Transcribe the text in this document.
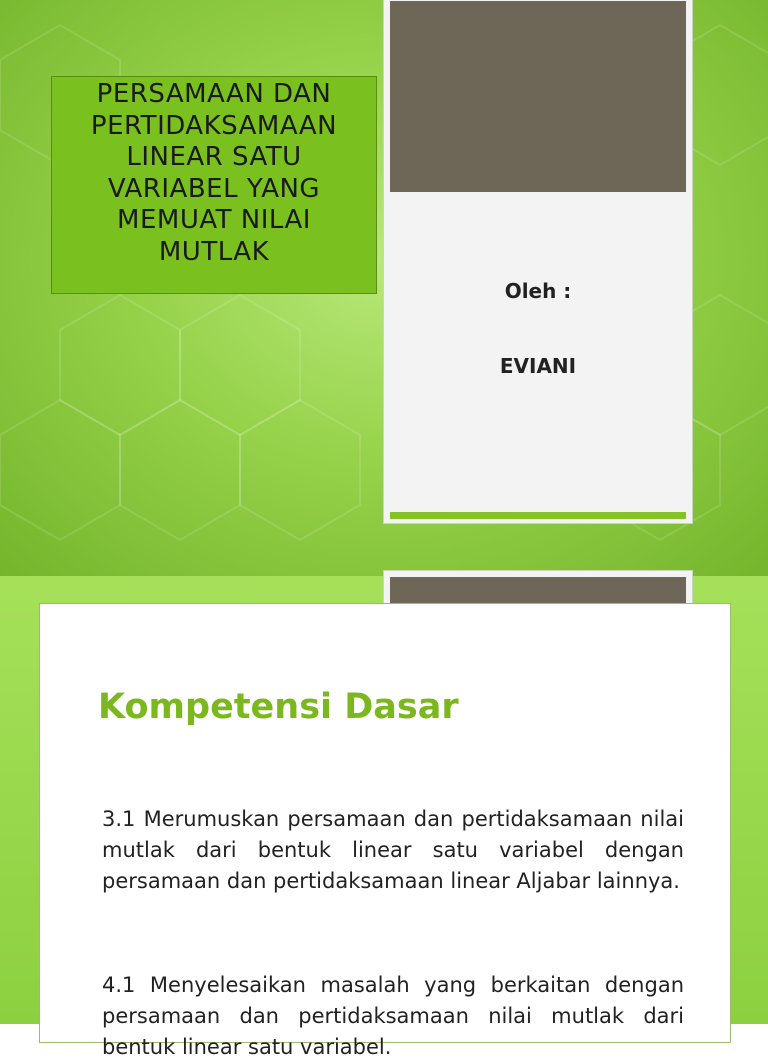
PERSAMAAN DAN
PERTIDAKSAMAAN
LINEAR SATU
VARIABEL YANG
MEMUAT NILAI
MUTLAK
Oleh :
EVIANI
Kompetensi Dasar
3.1 Merumuskan persamaan dan pertidaksamaan nilai mutlak dari bentuk linear satu variabel dengan persamaan dan pertidaksamaan linear Aljabar lainnya.
4.1 Menyelesaikan masalah yang berkaitan dengan persamaan dan pertidaksamaan nilai mutlak dari bentuk linear satu variabel.
